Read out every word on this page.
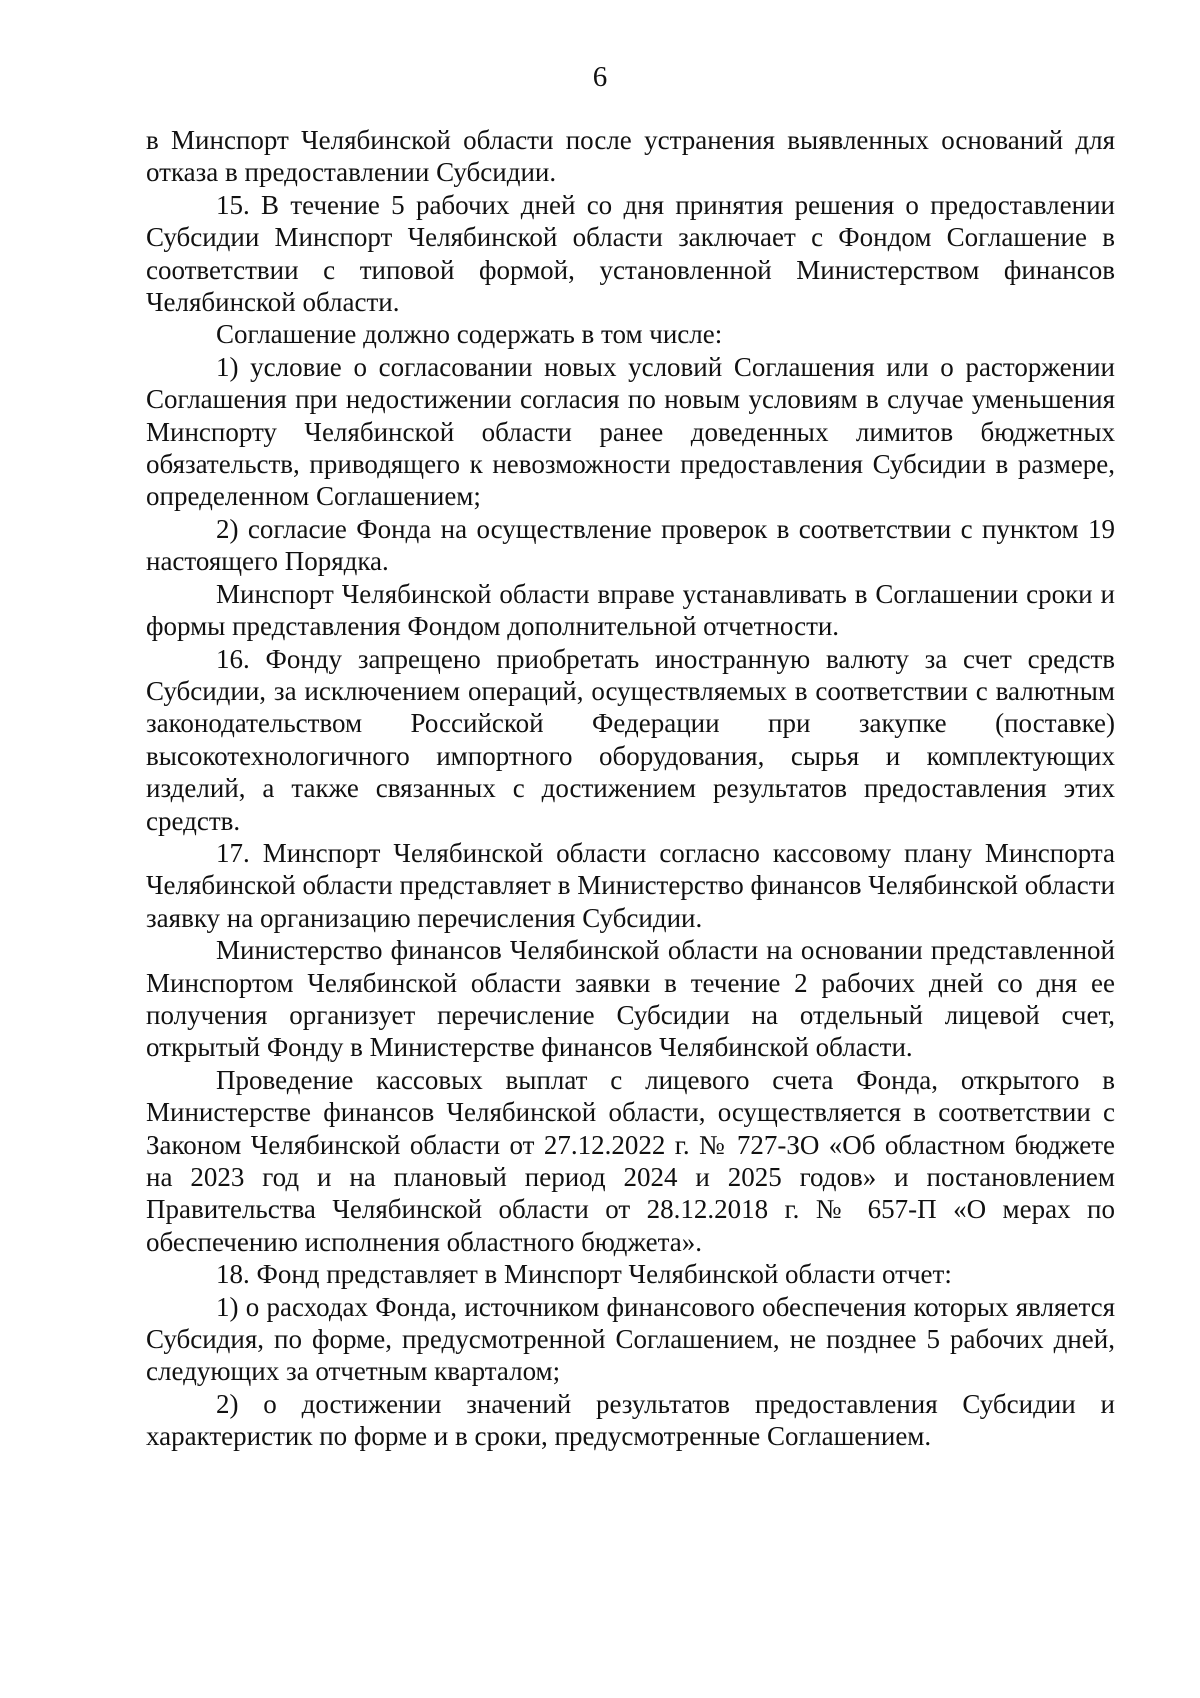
6

в Минспорт Челябинской области после устранения выявленных оснований для отказа в предоставлении Субсидии.

15. В течение 5 рабочих дней со дня принятия решения о предоставлении Субсидии Минспорт Челябинской области заключает с Фондом Соглашение в соответствии с типовой формой, установленной Министерством финансов Челябинской области.

Соглашение должно содержать в том числе:

1) условие о согласовании новых условий Соглашения или о расторжении Соглашения при недостижении согласия по новым условиям в случае уменьшения Минспорту Челябинской области ранее доведенных лимитов бюджетных обязательств, приводящего к невозможности предоставления Субсидии в размере, определенном Соглашением;

2) согласие Фонда на осуществление проверок в соответствии с пунктом 19 настоящего Порядка.

Минспорт Челябинской области вправе устанавливать в Соглашении сроки и формы представления Фондом дополнительной отчетности.

16. Фонду запрещено приобретать иностранную валюту за счет средств Субсидии, за исключением операций, осуществляемых в соответствии с валютным законодательством Российской Федерации при закупке (поставке) высокотехнологичного импортного оборудования, сырья и комплектующих изделий, а также связанных с достижением результатов предоставления этих средств.

17. Минспорт Челябинской области согласно кассовому плану Минспорта Челябинской области представляет в Министерство финансов Челябинской области заявку на организацию перечисления Субсидии.

Министерство финансов Челябинской области на основании представленной Минспортом Челябинской области заявки в течение 2 рабочих дней со дня ее получения организует перечисление Субсидии на отдельный лицевой счет, открытый Фонду в Министерстве финансов Челябинской области.

Проведение кассовых выплат с лицевого счета Фонда, открытого в Министерстве финансов Челябинской области, осуществляется в соответствии с Законом Челябинской области от 27.12.2022 г. № 727-ЗО «Об областном бюджете на 2023 год и на плановый период 2024 и 2025 годов» и постановлением Правительства Челябинской области от 28.12.2018 г. № 657-П «О мерах по обеспечению исполнения областного бюджета».

18. Фонд представляет в Минспорт Челябинской области отчет:

1) о расходах Фонда, источником финансового обеспечения которых является Субсидия, по форме, предусмотренной Соглашением, не позднее 5 рабочих дней, следующих за отчетным кварталом;

2) о достижении значений результатов предоставления Субсидии и характеристик по форме и в сроки, предусмотренные Соглашением.
